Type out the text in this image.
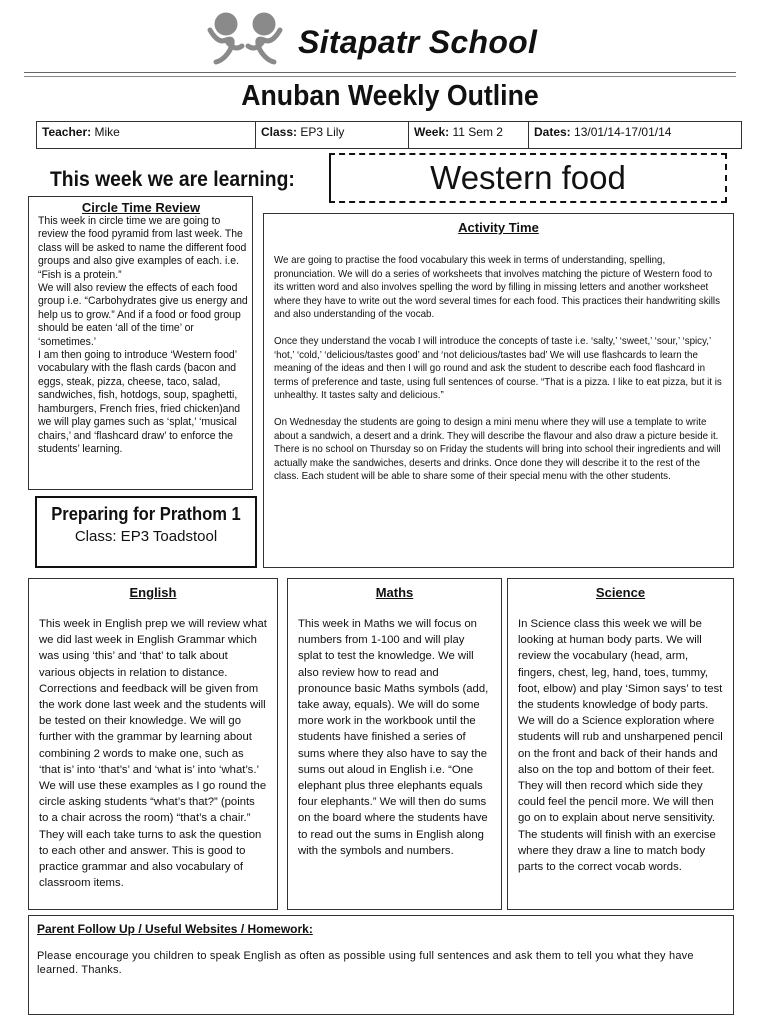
Sitapatr School
Anuban Weekly Outline
Teacher: Mike	Class: EP3 Lily	Week: 11 Sem 2	Dates: 13/01/14-17/01/14
This week we are learning:	Western food
Circle Time Review
This week in circle time we are going to review the food pyramid from last week. The class will be asked to name the different food groups and also give examples of each. i.e. “Fish is a protein.”
We will also review the effects of each food group i.e. “Carbohydrates give us energy and help us to grow.” And if a food or food group should be eaten ‘all of the time’ or ‘sometimes.’
I am then going to introduce ‘Western food’ vocabulary with the flash cards (bacon and eggs, steak, pizza, cheese, taco, salad, sandwiches, fish, hotdogs, soup, spaghetti, hamburgers, French fries, fried chicken)and we will play games such as ‘splat,’ ‘musical chairs,’ and ‘flashcard draw’ to enforce the students’ learning.
Activity Time
We are going to practise the food vocabulary this week in terms of understanding, spelling, pronunciation. We will do a series of worksheets that involves matching the picture of Western food to its written word and also involves spelling the word by filling in missing letters and another worksheet where they have to write out the word several times for each food. This practices their handwriting skills and also understanding of the vocab.
Once they understand the vocab I will introduce the concepts of taste i.e. ‘salty,’ ‘sweet,’ ‘sour,’ ‘spicy,’ ‘hot,’ ‘cold,’ ‘delicious/tastes good’ and ‘not delicious/tastes bad’ We will use flashcards to learn the meaning of the ideas and then I will go round and ask the student to describe each food flashcard in terms of preference and taste, using full sentences of course. “That is a pizza. I like to eat pizza, but it is unhealthy. It tastes salty and delicious.”
On Wednesday the students are going to design a mini menu where they will use a template to write about a sandwich, a desert and a drink. They will describe the flavour and also draw a picture beside it. There is no school on Thursday so on Friday the students will bring into school their ingredients and will actually make the sandwiches, deserts and drinks. Once done they will describe it to the rest of the class. Each student will be able to share some of their special menu with the other students.
Preparing for Prathom 1
Class: EP3 Toadstool
English
This week in English prep we will review what we did last week in English Grammar which was using ‘this’ and ‘that’ to talk about various objects in relation to distance. Corrections and feedback will be given from the work done last week and the students will be tested on their knowledge. We will go further with the grammar by learning about combining 2 words to make one, such as ‘that is’ into ‘that’s’ and ‘what is’ into ‘what’s.’ We will use these examples as I go round the circle asking students “what’s that?” (points to a chair across the room) “that’s a chair.” They will each take turns to ask the question to each other and answer. This is good to practice grammar and also vocabulary of classroom items.
Maths
This week in Maths we will focus on numbers from 1-100 and will play splat to test the knowledge. We will also review how to read and pronounce basic Maths symbols (add, take away, equals). We will do some more work in the workbook until the students have finished a series of sums where they also have to say the sums out aloud in English i.e. “One elephant plus three elephants equals four elephants.” We will then do sums on the board where the students have to read out the sums in English along with the symbols and numbers.
Science
In Science class this week we will be looking at human body parts. We will review the vocabulary (head, arm, fingers, chest, leg, hand, toes, tummy, foot, elbow) and play ‘Simon says’ to test the students knowledge of body parts. We will do a Science exploration where students will rub and unsharpened pencil on the front and back of their hands and also on the top and bottom of their feet. They will then record which side they could feel the pencil more. We will then go on to explain about nerve sensitivity. The students will finish with an exercise where they draw a line to match body parts to the correct vocab words.
Parent Follow Up / Useful Websites / Homework:
Please encourage you children to speak English as often as possible using full sentences and ask them to tell you what they have learned. Thanks.
